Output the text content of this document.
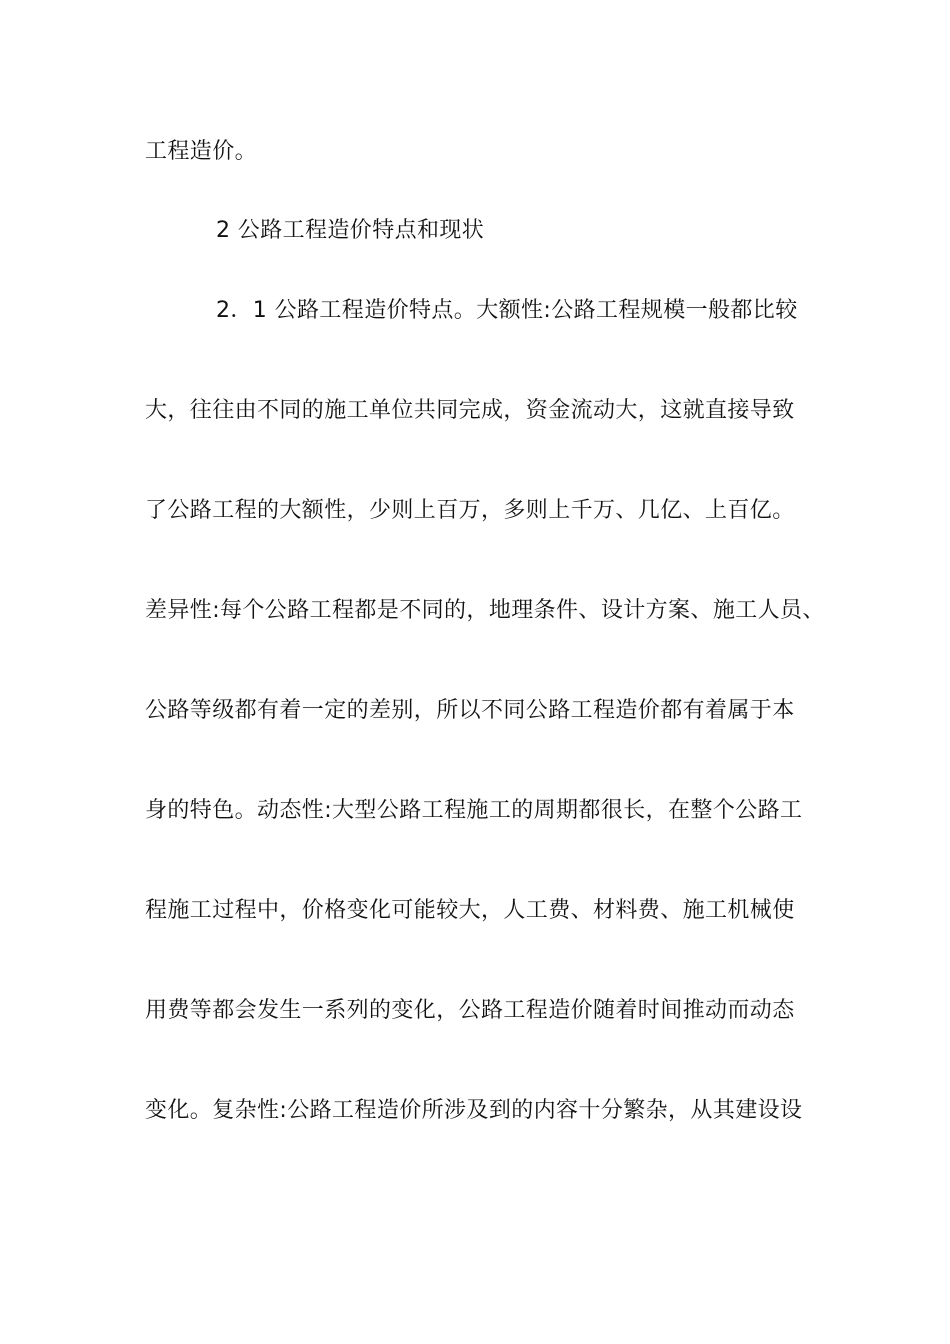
工程造价。
2 公路工程造价特点和现状
2．1 公路工程造价特点。大额性:公路工程规模一般都比较
大，往往由不同的施工单位共同完成，资金流动大，这就直接导致
了公路工程的大额性，少则上百万，多则上千万、几亿、上百亿。
差异性:每个公路工程都是不同的，地理条件、设计方案、施工人员、
公路等级都有着一定的差别，所以不同公路工程造价都有着属于本
身的特色。动态性:大型公路工程施工的周期都很长，在整个公路工
程施工过程中，价格变化可能较大，人工费、材料费、施工机械使
用费等都会发生一系列的变化，公路工程造价随着时间推动而动态
变化。复杂性:公路工程造价所涉及到的内容十分繁杂，从其建设设
